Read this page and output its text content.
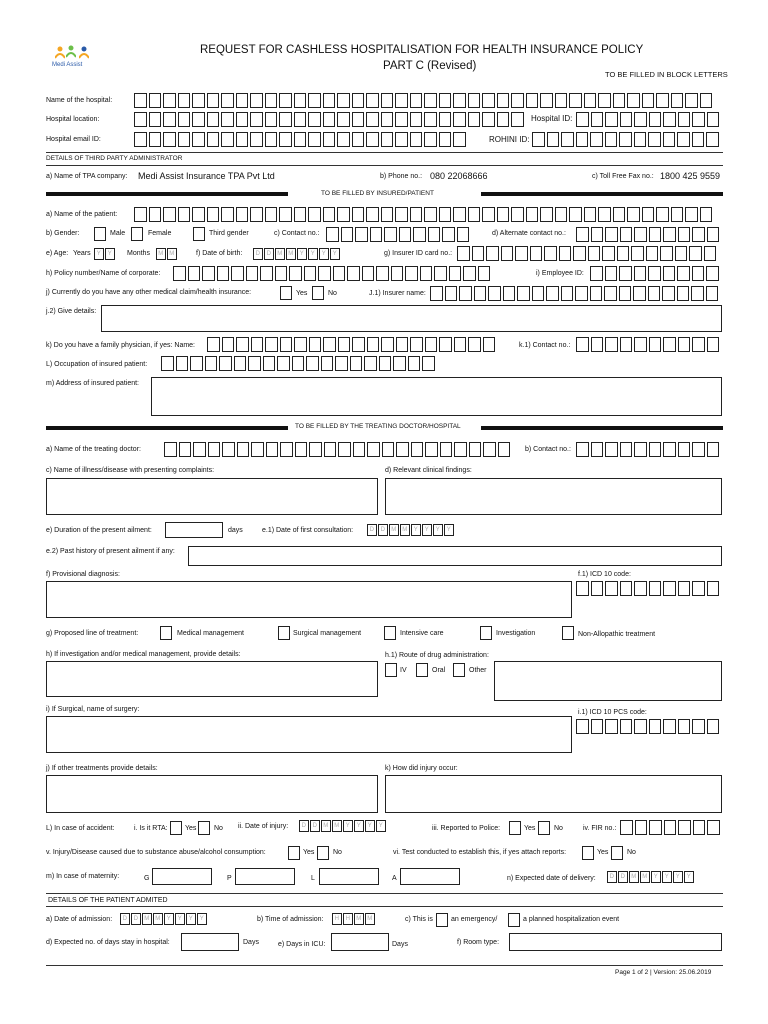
Medi Assist
REQUEST FOR CASHLESS HOSPITALISATION FOR HEALTH INSURANCE POLICY
PART C (Revised)
TO BE FILLED IN BLOCK LETTERS
Name of the hospital:
Hospital location:	Hospital ID:
Hospital email ID:	ROHINI ID:
DETAILS OF THIRD PARTY ADMINISTRATOR
a) Name of TPA company: Medi Assist Insurance TPA Pvt Ltd	b) Phone no.: 080 22068666	c) Toll Free Fax no.: 1800 425 9559
TO BE FILLED BY INSURED/PATIENT
a) Name of the patient:
b) Gender:	Male	Female	Third gender	c) Contact no.:	d) Alternate contact no.:
e) Age: Years	Y	Y	Months	M	M	f) Date of birth:	D	D	M	M	Y	Y	Y	Y	g) Insurer ID card no.:
h) Policy number/Name of corporate:	i) Employee ID:
j) Currently do you have any other medical claim/health insurance:	Yes	No	J.1) Insurer name:
j.2) Give details:
k) Do you have a family physician, if yes: Name:	k.1) Contact no.:
L) Occupation of insured patient:
m) Address of insured patient:
TO BE FILLED BY THE TREATING DOCTOR/HOSPITAL
a) Name of the treating doctor:	b) Contact no.:
c) Name of illness/disease with presenting complaints:	d) Relevant clinical findings:
e) Duration of the present ailment:	days	e.1) Date of first consultation:	D	D	M	M	Y	Y	Y	Y
e.2) Past history of present ailment if any:
f) Provisional diagnosis:	f.1) ICD 10 code:
g) Proposed line of treatment:	Medical management	Surgical management	Intensive care	Investigation	Non-Allopathic treatment
h) If investigation and/or medical management, provide details:	h.1) Route of drug administration:
IV	Oral	Other
i) If Surgical, name of surgery:	i.1) ICD 10 PCS code:
j) If other treatments provide details:	k) How did injury occur:
L) In case of accident:	i. Is it RTA: Yes	No ii. Date of injury:	D	D	M	M	Y	Y	Y	Y	iii. Reported to Police:	Yes	No	iv. FIR no.:
v. Injury/Disease caused due to substance abuse/alcohol consumption:	Yes	No	vi. Test conducted to establish this, if yes attach reports:	Yes	No
m) In case of maternity:	G	P	L	A	n) Expected date of delivery:	D	D	M	M	Y	Y	Y	Y
DETAILS OF THE PATIENT ADMITED
a) Date of admission:	D	D	M	M	Y	Y	Y	Y	b) Time of admission:	H	H	M	M	c) This is	an emergency/	a planned hospitalization event
d) Expected no. of days stay in hospital:	Days	e) Days in ICU:	Days	f) Room type:
Page 1 of 2 | Version: 25.06.2019
